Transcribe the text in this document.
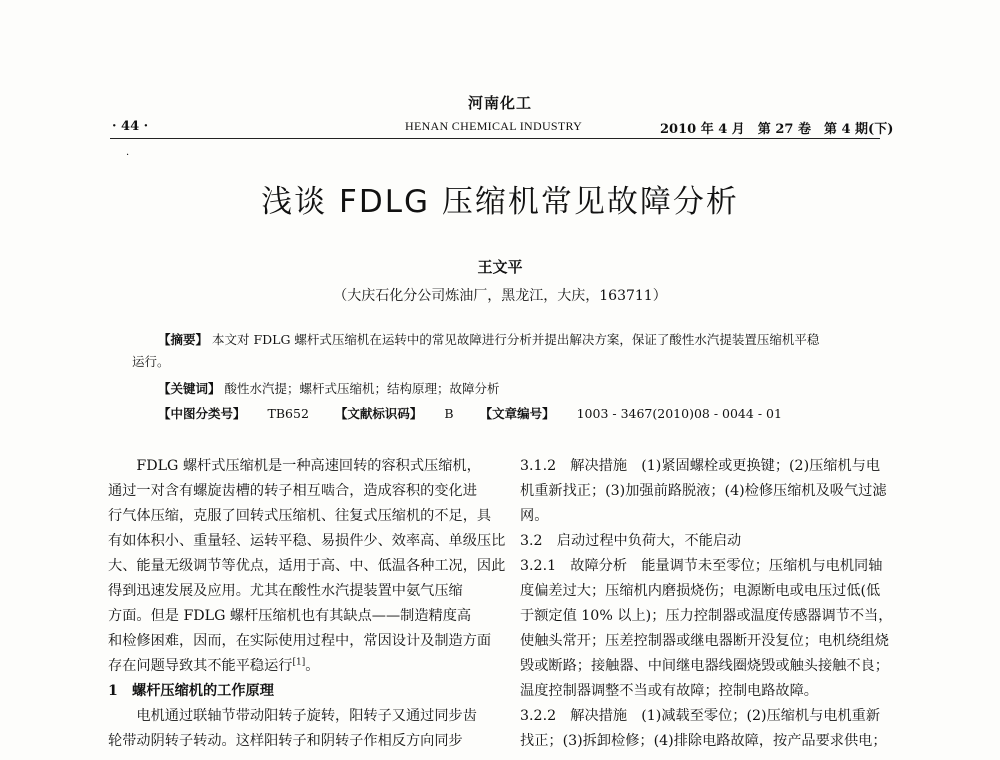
河南化工
· 44 ·	HENAN CHEMICAL INDUSTRY	2010 年 4 月　第 27 卷　第 4 期(下)
·
浅谈 FDLG 压缩机常见故障分析
王文平
（大庆石化分公司炼油厂，黑龙江，大庆，163711）
【摘要】 本文对 FDLG 螺杆式压缩机在运转中的常见故障进行分析并提出解决方案，保证了酸性水汽提装置压缩机平稳
运行。
【关键词】 酸性水汽提；螺杆式压缩机；结构原理；故障分析
【中图分类号】 TB652 【文献标识码】 B 【文章编号】 1003 - 3467(2010)08 - 0044 - 01
　　FDLG 螺杆式压缩机是一种高速回转的容积式压缩机，
通过一对含有螺旋齿槽的转子相互啮合，造成容积的变化进
行气体压缩，克服了回转式压缩机、往复式压缩机的不足，具
有如体积小、重量轻、运转平稳、易损件少、效率高、单级压比
大、能量无级调节等优点，适用于高、中、低温各种工况，因此
得到迅速发展及应用。尤其在酸性水汽提装置中氨气压缩
方面。但是 FDLG 螺杆压缩机也有其缺点——制造精度高
和检修困难，因而，在实际使用过程中，常因设计及制造方面
存在问题导致其不能平稳运行[1]。
1　螺杆压缩机的工作原理
　　电机通过联轴节带动阳转子旋转，阳转子又通过同步齿
轮带动阴转子转动。这样阳转子和阴转子作相反方向同步
3.1.2　解决措施　(1)紧固螺栓或更换键；(2)压缩机与电
机重新找正；(3)加强前路脱液；(4)检修压缩机及吸气过滤
网。
3.2　启动过程中负荷大，不能启动
3.2.1　故障分析　能量调节未至零位；压缩机与电机同轴
度偏差过大；压缩机内磨损烧伤；电源断电或电压过低(低
于额定值 10% 以上)；压力控制器或温度传感器调节不当，
使触头常开；压差控制器或继电器断开没复位；电机绕组烧
毁或断路；接触器、中间继电器线圈烧毁或触头接触不良；
温度控制器调整不当或有故障；控制电路故障。
3.2.2　解决措施　(1)减载至零位；(2)压缩机与电机重新
找正；(3)拆卸检修；(4)排除电路故障，按产品要求供电；
